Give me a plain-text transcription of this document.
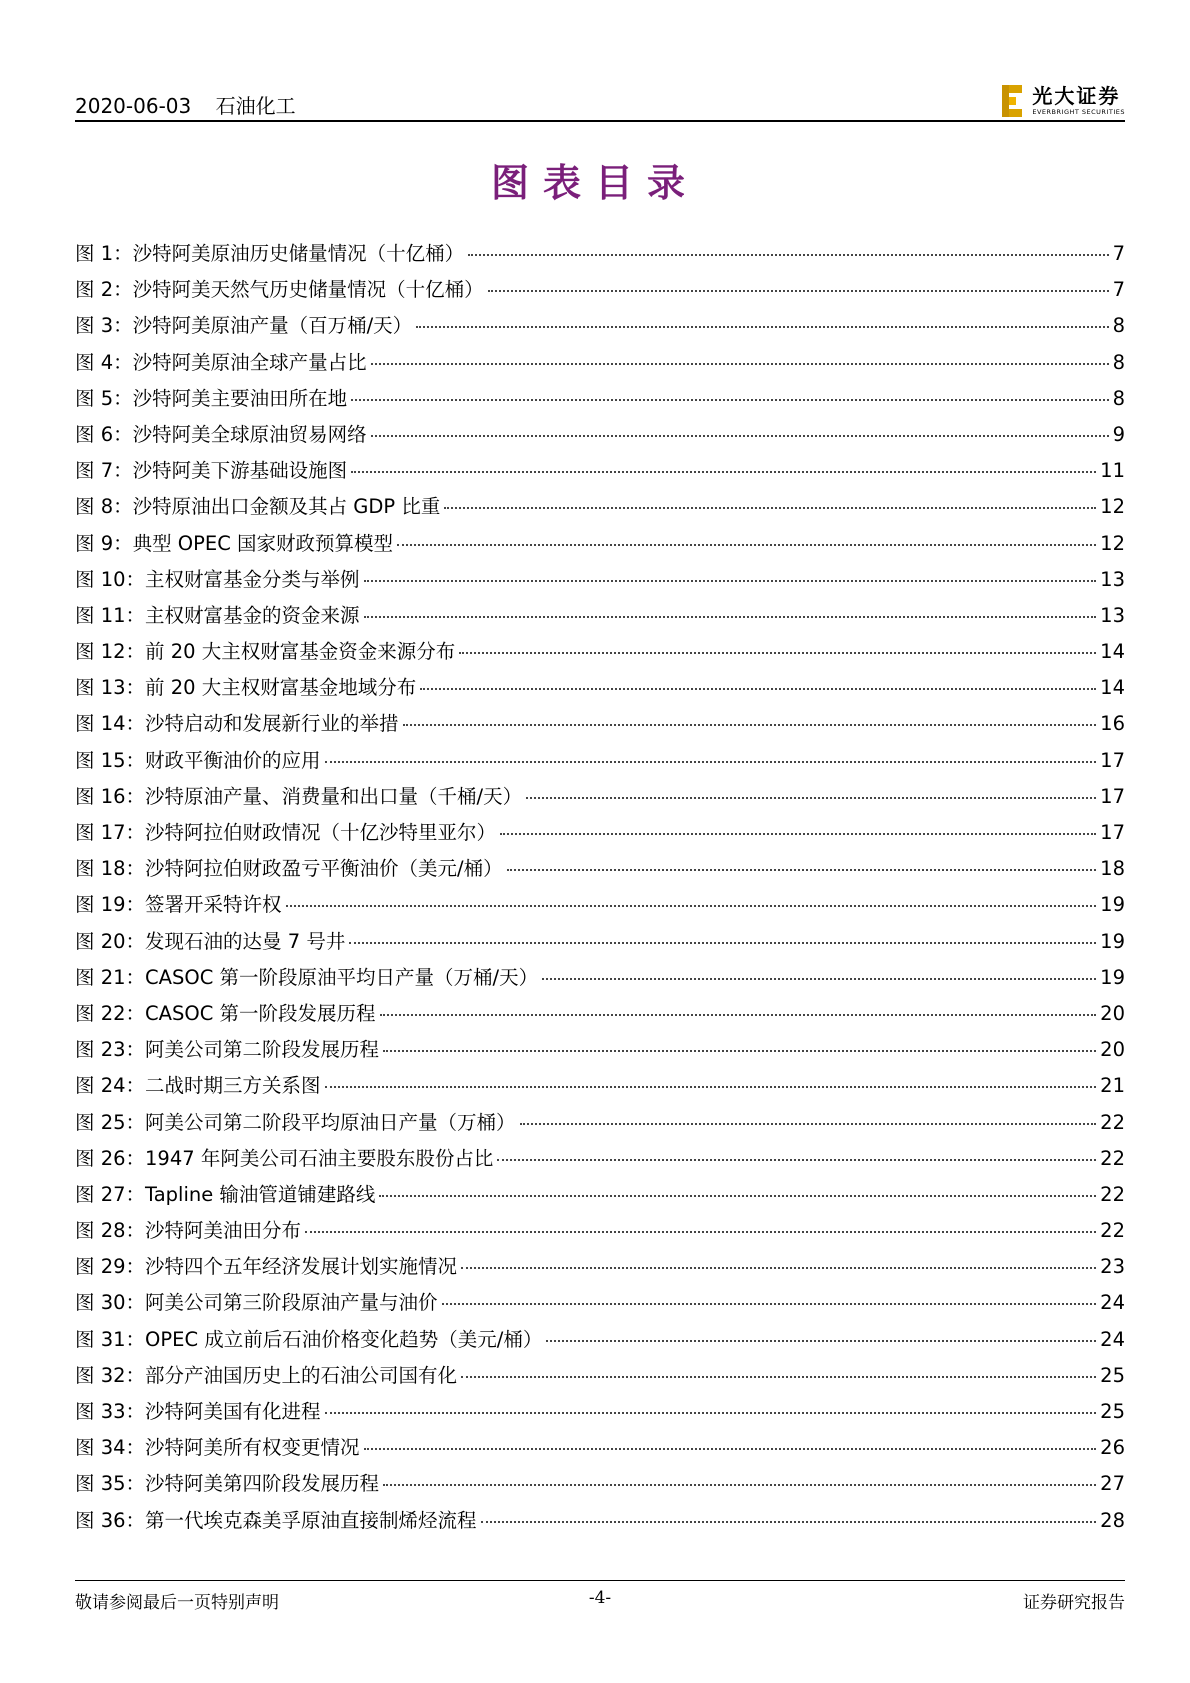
2020-06-03 石油化工	光大证券
EVERBRIGHT SECURITIES
图表目录
图 1：沙特阿美原油历史储量情况（十亿桶）	7
图 2：沙特阿美天然气历史储量情况（十亿桶）	7
图 3：沙特阿美原油产量（百万桶/天）	8
图 4：沙特阿美原油全球产量占比	8
图 5：沙特阿美主要油田所在地	8
图 6：沙特阿美全球原油贸易网络	9
图 7：沙特阿美下游基础设施图	11
图 8：沙特原油出口金额及其占 GDP 比重	12
图 9：典型 OPEC 国家财政预算模型	12
图 10：主权财富基金分类与举例	13
图 11：主权财富基金的资金来源	13
图 12：前 20 大主权财富基金资金来源分布	14
图 13：前 20 大主权财富基金地域分布	14
图 14：沙特启动和发展新行业的举措	16
图 15：财政平衡油价的应用	17
图 16：沙特原油产量、消费量和出口量（千桶/天）	17
图 17：沙特阿拉伯财政情况（十亿沙特里亚尔）	17
图 18：沙特阿拉伯财政盈亏平衡油价（美元/桶）	18
图 19：签署开采特许权	19
图 20：发现石油的达曼 7 号井	19
图 21：CASOC 第一阶段原油平均日产量（万桶/天）	19
图 22：CASOC 第一阶段发展历程	20
图 23：阿美公司第二阶段发展历程	20
图 24：二战时期三方关系图	21
图 25：阿美公司第二阶段平均原油日产量（万桶）	22
图 26：1947 年阿美公司石油主要股东股份占比	22
图 27：Tapline 输油管道铺建路线	22
图 28：沙特阿美油田分布	22
图 29：沙特四个五年经济发展计划实施情况	23
图 30：阿美公司第三阶段原油产量与油价	24
图 31：OPEC 成立前后石油价格变化趋势（美元/桶）	24
图 32：部分产油国历史上的石油公司国有化	25
图 33：沙特阿美国有化进程	25
图 34：沙特阿美所有权变更情况	26
图 35：沙特阿美第四阶段发展历程	27
图 36：第一代埃克森美孚原油直接制烯烃流程	28
敬请参阅最后一页特别声明	-4-	证券研究报告
